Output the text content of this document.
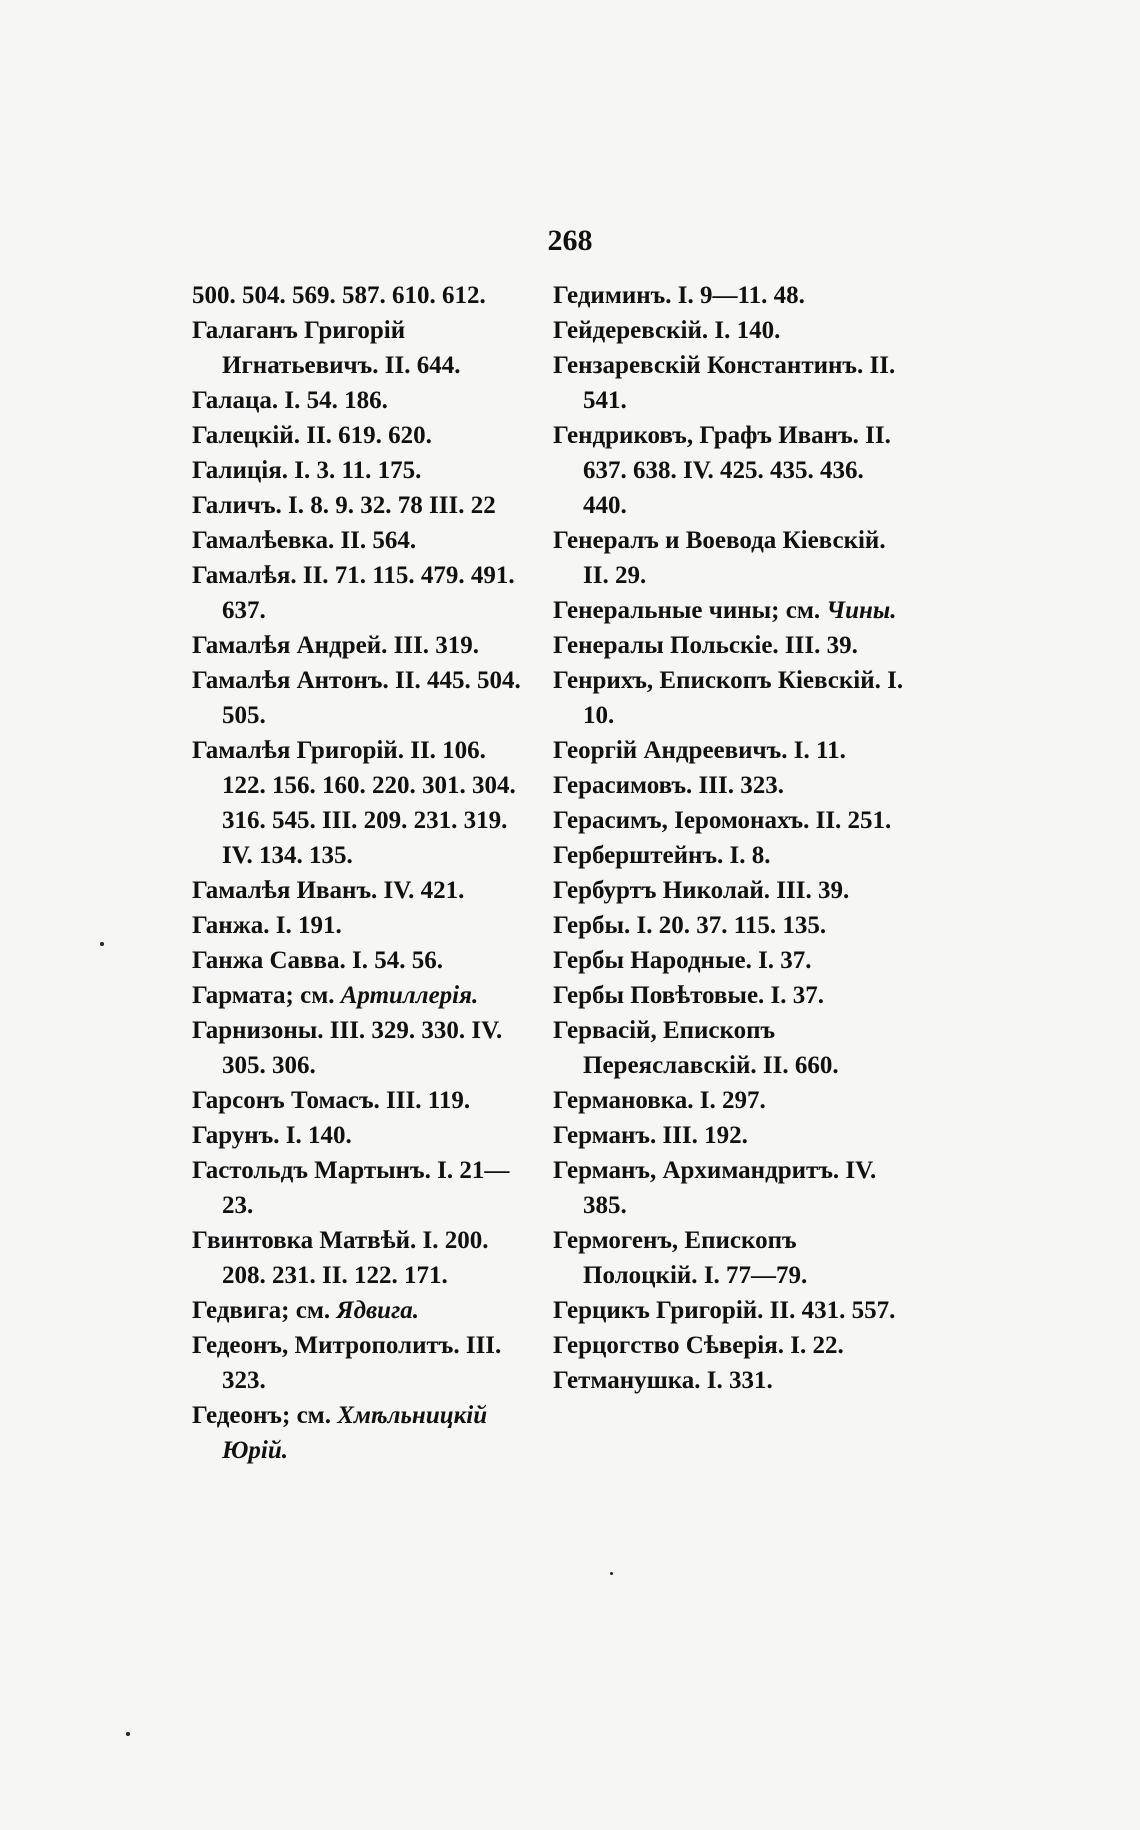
268

500. 504. 569. 587. 610. 612.

Галаганъ Григорій Игнатьевичъ. II. 644.

Галаца. I. 54. 186.

Галецкій. II. 619. 620.

Галиція. I. 3. 11. 175.

Галичъ. I. 8. 9. 32. 78 III. 22

Гамалѣевка. II. 564.

Гамалѣя. II. 71. 115. 479. 491. 637.

Гамалѣя Андрей. III. 319.

Гамалѣя Антонъ. II. 445. 504. 505.

Гамалѣя Григорій. II. 106. 122. 156. 160. 220. 301. 304. 316. 545. III. 209. 231. 319. IV. 134. 135.

Гамалѣя Иванъ. IV. 421.

Ганжа. I. 191.

Ганжа Савва. I. 54. 56.

Гармата; см. Артиллерія.

Гарнизоны. III. 329. 330. IV. 305. 306.

Гарсонъ Томасъ. III. 119.

Гарунъ. I. 140.

Гастольдъ Мартынъ. I. 21—23.

Гвинтовка Матвѣй. I. 200. 208. 231. II. 122. 171.

Гедвига; см. Ядвига.

Гедеонъ, Митрополитъ. III. 323.

Гедеонъ; см. Хмѣльницкій Юрій.

Гедиминъ. I. 9—11. 48.

Гейдеревскій. I. 140.

Гензаревскій Константинъ. II. 541.

Гендриковъ, Графъ Иванъ. II. 637. 638. IV. 425. 435. 436. 440.

Генералъ и Воевода Кіевскій. II. 29.

Генеральные чины; см. Чины.

Генералы Польскіе. III. 39.

Генрихъ, Епископъ Кіевскій. I. 10.

Георгій Андреевичъ. I. 11.

Герасимовъ. III. 323.

Герасимъ, Іеромонахъ. II. 251.

Герберштейнъ. I. 8.

Гербуртъ Николай. III. 39.

Гербы. I. 20. 37. 115. 135.

Гербы Народные. I. 37.

Гербы Повѣтовые. I. 37.

Гервасій, Епископъ Переяславскій. II. 660.

Германовка. I. 297.

Германъ. III. 192.

Германъ, Архимандритъ. IV. 385.

Гермогенъ, Епископъ Полоцкій. I. 77—79.

Герцикъ Григорій. II. 431. 557.

Герцогство Сѣверія. I. 22.

Гетманушка. I. 331.
